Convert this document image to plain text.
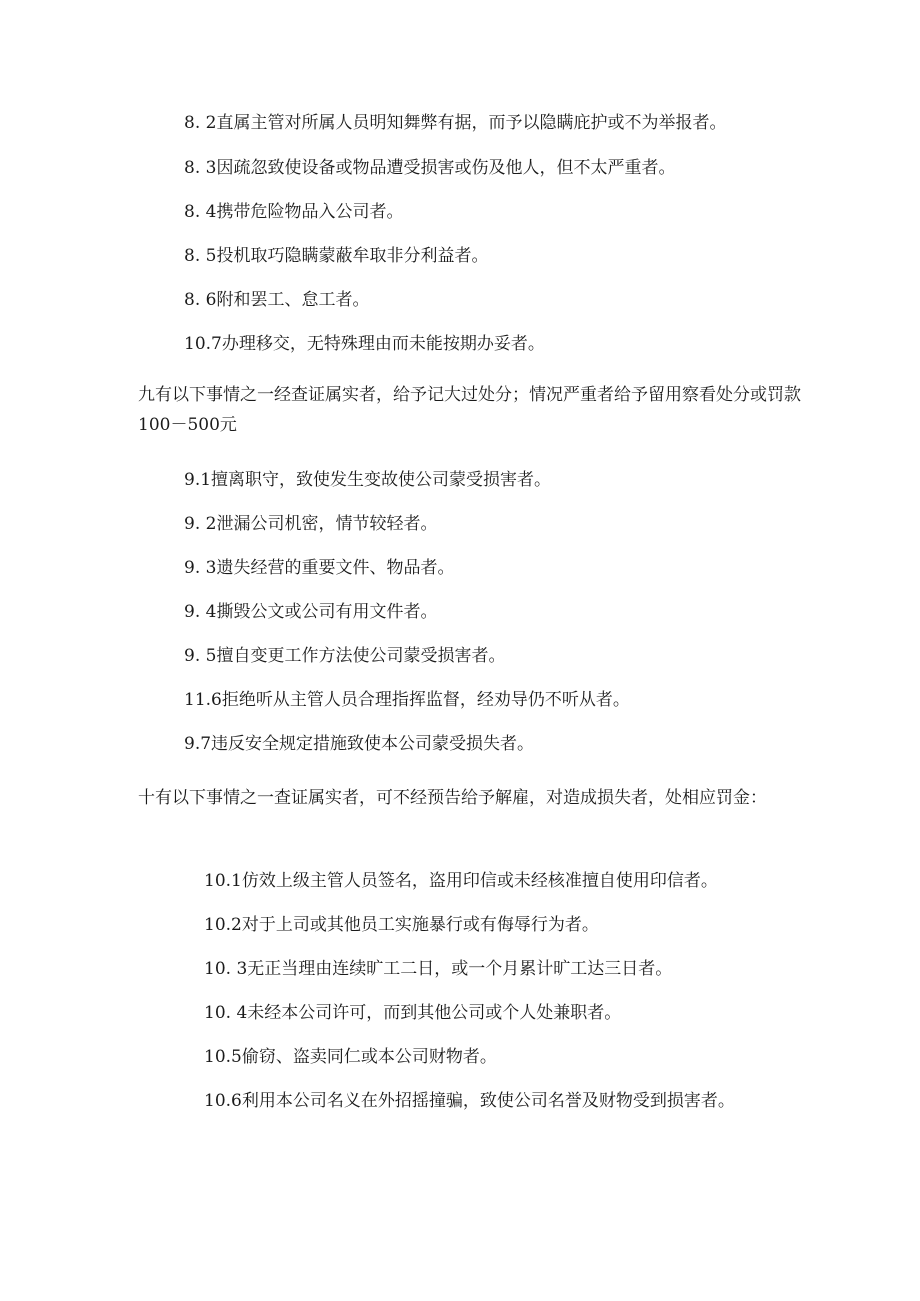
8. 2直属主管对所属人员明知舞弊有据，而予以隐瞒庇护或不为举报者。
8. 3因疏忽致使设备或物品遭受损害或伤及他人，但不太严重者。
8. 4携带危险物品入公司者。
8. 5投机取巧隐瞒蒙蔽牟取非分利益者。
8. 6附和罢工、怠工者。
10.7办理移交，无特殊理由而未能按期办妥者。
九有以下事情之一经查证属实者，给予记大过处分；情况严重者给予留用察看处分或罚款100－500元
9.1擅离职守，致使发生变故使公司蒙受损害者。
9. 2泄漏公司机密，情节较轻者。
9. 3遗失经营的重要文件、物品者。
9. 4撕毁公文或公司有用文件者。
9. 5擅自变更工作方法使公司蒙受损害者。
11.6拒绝听从主管人员合理指挥监督，经劝导仍不听从者。
9.7违反安全规定措施致使本公司蒙受损失者。
十有以下事情之一查证属实者，可不经预告给予解雇，对造成损失者，处相应罚金：
10.1仿效上级主管人员签名，盗用印信或未经核准擅自使用印信者。
10.2对于上司或其他员工实施暴行或有侮辱行为者。
10. 3无正当理由连续旷工二日，或一个月累计旷工达三日者。
10. 4未经本公司许可，而到其他公司或个人处兼职者。
10.5偷窃、盗卖同仁或本公司财物者。
10.6利用本公司名义在外招摇撞骗，致使公司名誉及财物受到损害者。
